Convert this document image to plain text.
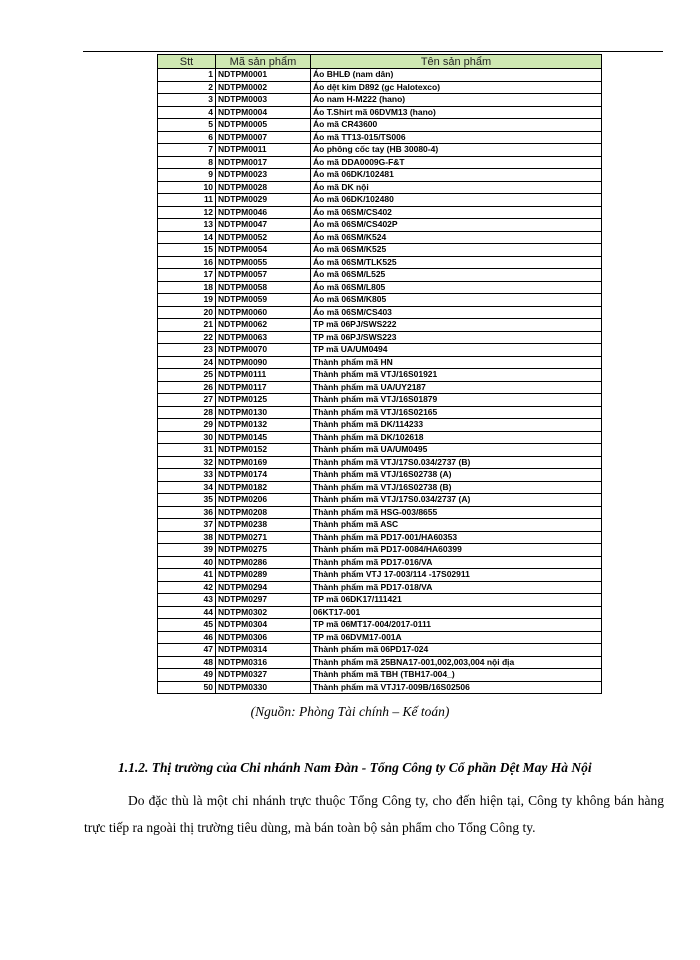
Stt	Mã sản phẩm	Tên sản phẩm
1	NDTPM0001	Áo BHLĐ (nam dân)
2	NDTPM0002	Áo dệt kim D892 (gc Halotexco)
3	NDTPM0003	Áo nam H-M222 (hano)
4	NDTPM0004	Áo T.Shirt mã 06DVM13 (hano)
5	NDTPM0005	Áo mã CR43600
6	NDTPM0007	Áo mã TT13-015/TS006
7	NDTPM0011	Áo phông cốc tay (HB 30080-4)
8	NDTPM0017	Áo mã DDA0009G-F&T
9	NDTPM0023	Áo mã 06DK/102481
10	NDTPM0028	Áo mã DK nội
11	NDTPM0029	Áo mã 06DK/102480
12	NDTPM0046	Áo mã 06SM/CS402
13	NDTPM0047	Áo mã 06SM/CS402P
14	NDTPM0052	Áo mã 06SM/K524
15	NDTPM0054	Áo mã 06SM/K525
16	NDTPM0055	Áo mã 06SM/TLK525
17	NDTPM0057	Áo mã 06SM/L525
18	NDTPM0058	Áo mã 06SM/L805
19	NDTPM0059	Áo mã 06SM/K805
20	NDTPM0060	Áo mã 06SM/CS403
21	NDTPM0062	TP mã 06PJ/SWS222
22	NDTPM0063	TP mã 06PJ/SWS223
23	NDTPM0070	TP mã UA/UM0494
24	NDTPM0090	Thành phẩm mã HN
25	NDTPM0111	Thành phẩm mã VTJ/16S01921
26	NDTPM0117	Thành phẩm mã UA/UY2187
27	NDTPM0125	Thành phẩm mã VTJ/16S01879
28	NDTPM0130	Thành phẩm mã VTJ/16S02165
29	NDTPM0132	Thành phẩm mã DK/114233
30	NDTPM0145	Thành phẩm mã DK/102618
31	NDTPM0152	Thành phẩm mã UA/UM0495
32	NDTPM0169	Thành phẩm mã VTJ/17S0.034/2737 (B)
33	NDTPM0174	Thành phẩm mã VTJ/16S02738 (A)
34	NDTPM0182	Thành phẩm mã VTJ/16S02738 (B)
35	NDTPM0206	Thành phẩm mã VTJ/17S0.034/2737 (A)
36	NDTPM0208	Thành phẩm mã HSG-003/8655
37	NDTPM0238	Thành phẩm mã ASC
38	NDTPM0271	Thành phẩm mã PD17-001/HA60353
39	NDTPM0275	Thành phẩm mã PD17-0084/HA60399
40	NDTPM0286	Thành phẩm mã PD17-016/VA
41	NDTPM0289	Thành phẩm VTJ 17-003/114 -17S02911
42	NDTPM0294	Thành phẩm mã PD17-018/VA
43	NDTPM0297	TP mã 06DK17/111421
44	NDTPM0302	06KT17-001
45	NDTPM0304	TP mã 06MT17-004/2017-0111
46	NDTPM0306	TP mã 06DVM17-001A
47	NDTPM0314	Thành phẩm mã 06PD17-024
48	NDTPM0316	Thành phẩm mã 25BNA17-001,002,003,004 nội địa
49	NDTPM0327	Thành phẩm mã TBH (TBH17-004_)
50	NDTPM0330	Thành phẩm mã VTJ17-009B/16S02506
(Nguồn: Phòng Tài chính – Kế toán)
1.1.2. Thị trường của Chi nhánh Nam Đàn - Tổng Công ty Cổ phần Dệt May Hà Nội
Do đặc thù là một chi nhánh trực thuộc Tổng Công ty, cho đến hiện tại, Công ty không bán hàng trực tiếp ra ngoài thị trường tiêu dùng, mà bán toàn bộ sản phẩm cho Tổng Công ty.
